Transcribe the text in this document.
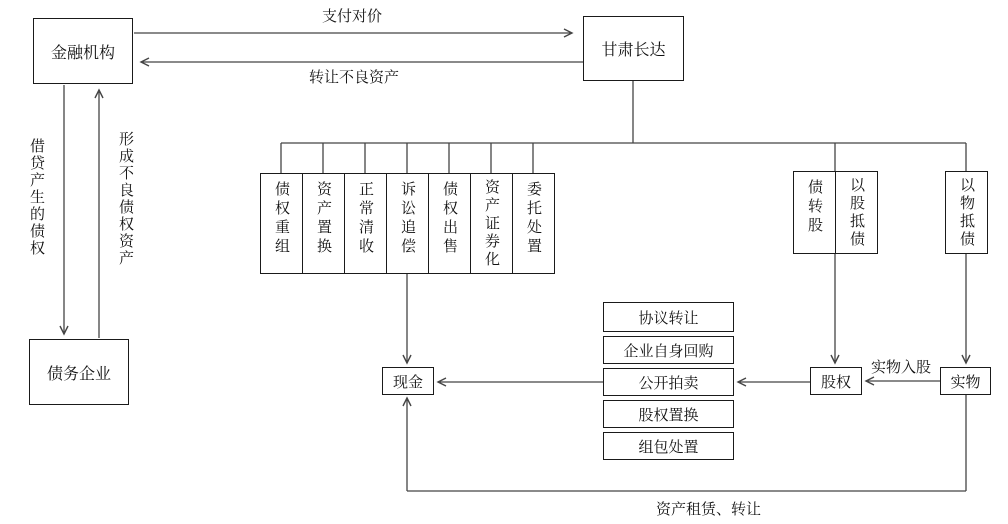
金融机构	甘肃长达
债务企业
支付对价
转让不良资产
借贷产生的债权	形成不良债权资产	债权重组	资产置换	正常清收	诉讼追偿	债权出售	资产证券化	委托处置	债转股	以股抵债	以物抵债
现金	股权	实物
协议转让
企业自身回购
公开拍卖
股权置换
组包处置
实物入股
资产租赁、转让
